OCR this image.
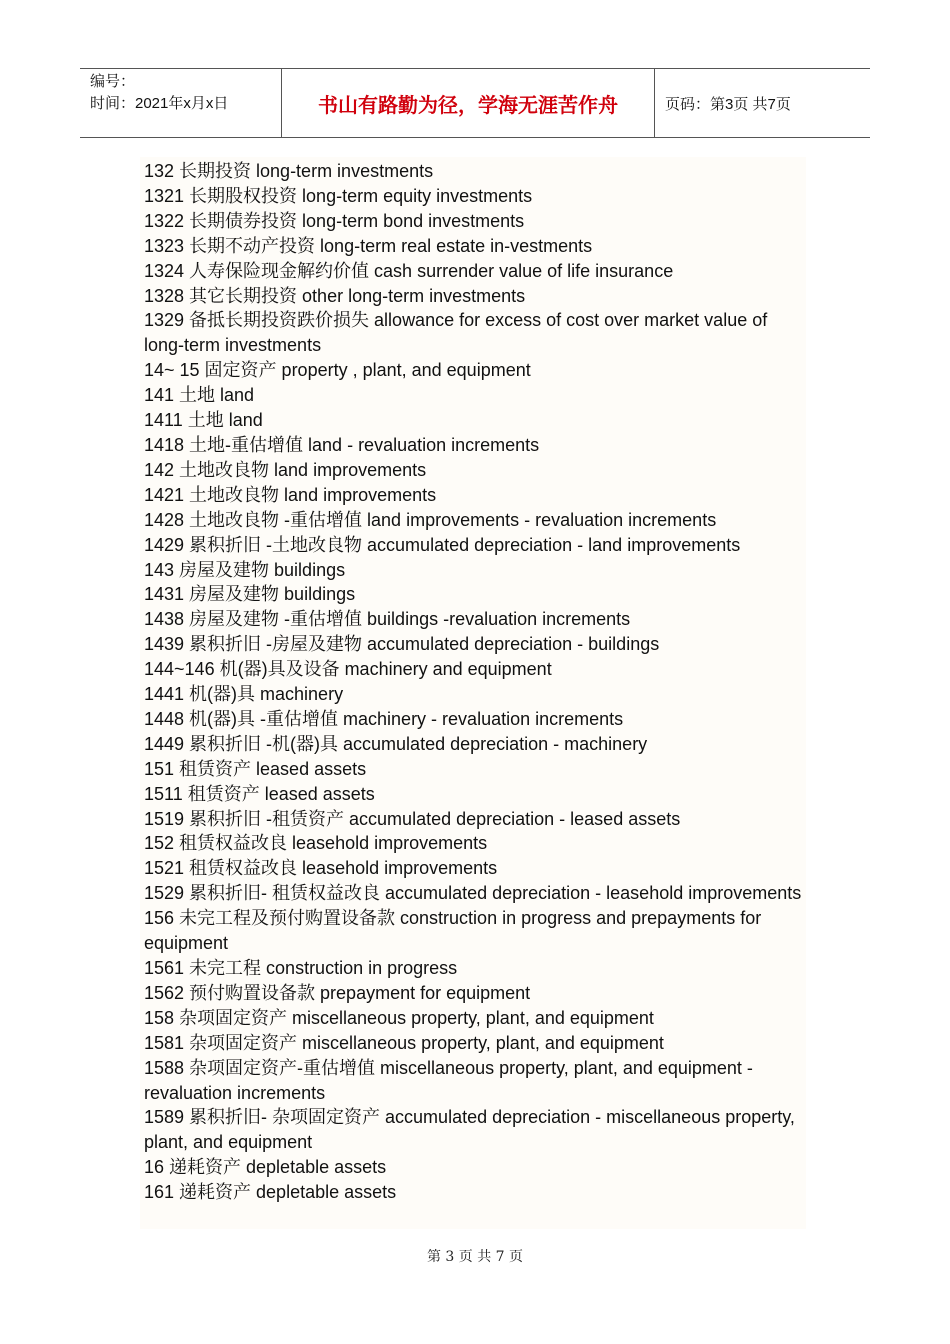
编号：
时间：2021年x月x日	书山有路勤为径，学海无涯苦作舟	页码：第3页 共7页

132 长期投资 long-term investments

1321 长期股权投资 long-term equity investments

1322 长期债券投资 long-term bond investments

1323 长期不动产投资 long-term real estate in-vestments

1324 人寿保险现金解约价值 cash surrender value of life insurance

1328 其它长期投资 other long-term investments

1329 备抵长期投资跌价损失 allowance for excess of cost over market value of long-term investments

14~ 15 固定资产 property , plant, and equipment

141 土地 land

1411 土地 land

1418 土地-重估增值 land - revaluation increments

142 土地改良物 land improvements

1421 土地改良物 land improvements

1428 土地改良物 -重估增值 land improvements - revaluation increments

1429 累积折旧 -土地改良物 accumulated depreciation - land improvements

143 房屋及建物 buildings

1431 房屋及建物 buildings

1438 房屋及建物 -重估增值 buildings -revaluation increments

1439 累积折旧 -房屋及建物 accumulated depreciation - buildings

144~146 机(器)具及设备 machinery and equipment

1441 机(器)具 machinery

1448 机(器)具 -重估增值 machinery - revaluation increments

1449 累积折旧 -机(器)具 accumulated depreciation - machinery

151 租赁资产 leased assets

1511 租赁资产 leased assets

1519 累积折旧 -租赁资产 accumulated depreciation - leased assets

152 租赁权益改良 leasehold improvements

1521 租赁权益改良 leasehold improvements

1529 累积折旧- 租赁权益改良 accumulated depreciation - leasehold improvements

156 未完工程及预付购置设备款 construction in progress and prepayments for equipment

1561 未完工程 construction in progress

1562 预付购置设备款 prepayment for equipment

158 杂项固定资产 miscellaneous property, plant, and equipment

1581 杂项固定资产 miscellaneous property, plant, and equipment

1588 杂项固定资产-重估增值 miscellaneous property, plant, and equipment - revaluation increments

1589 累积折旧- 杂项固定资产 accumulated depreciation - miscellaneous property, plant, and equipment

16 递耗资产 depletable assets

161 递耗资产 depletable assets

第 3 页 共 7 页
